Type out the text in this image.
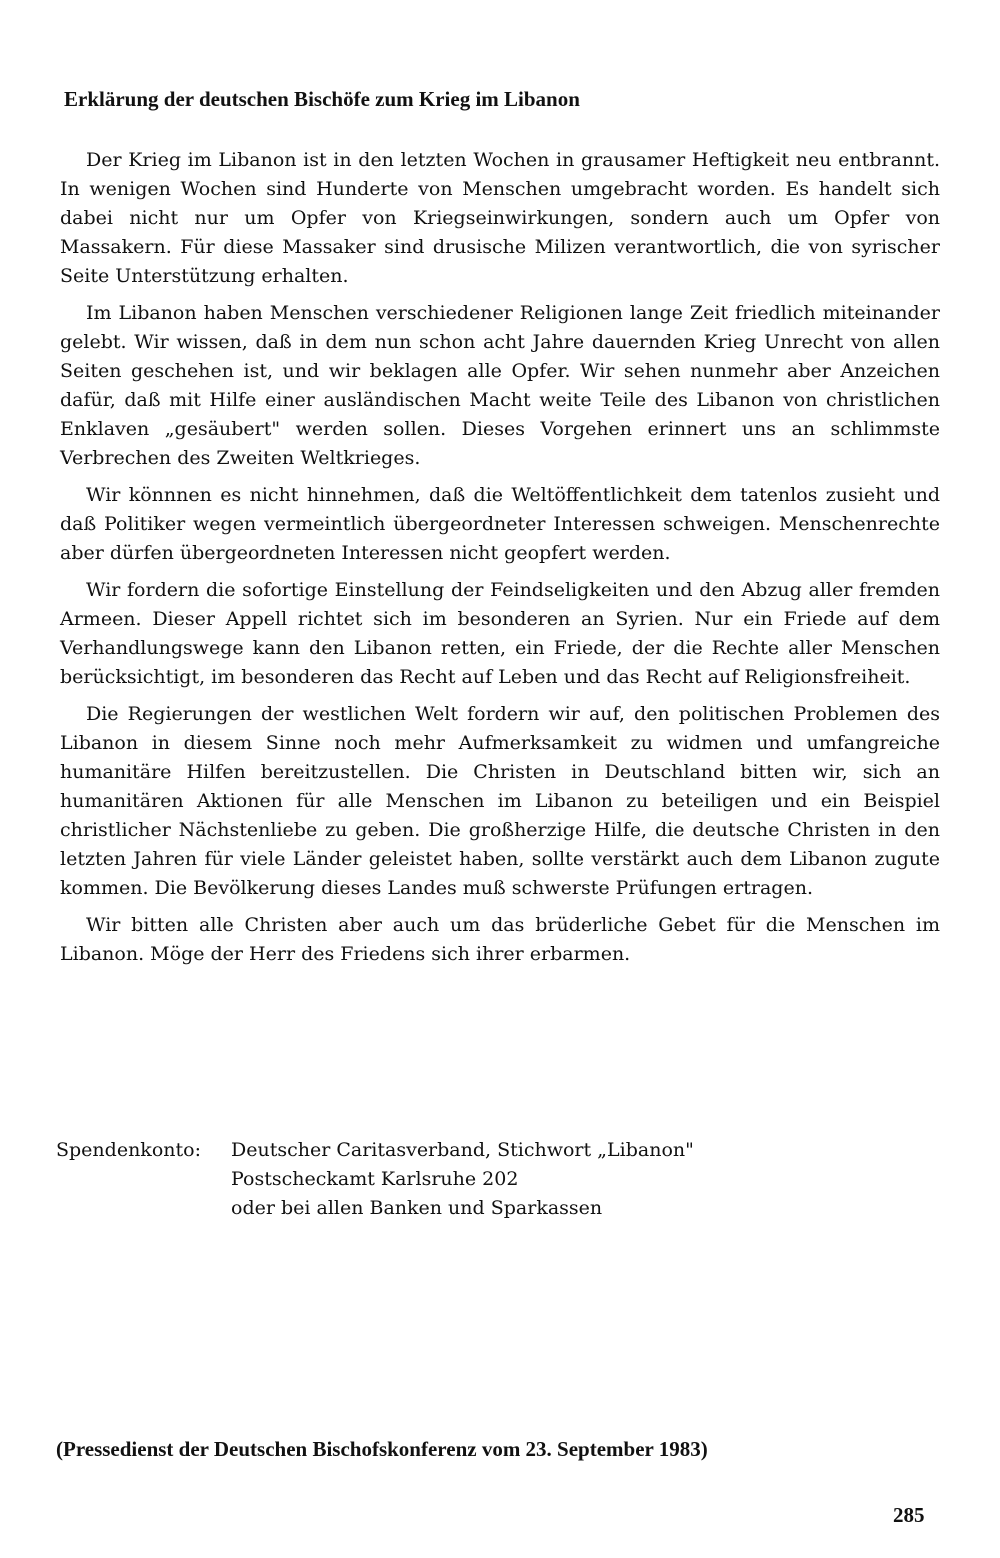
Erklärung der deutschen Bischöfe zum Krieg im Libanon

Der Krieg im Libanon ist in den letzten Wochen in grausamer Heftigkeit neu entbrannt. In wenigen Wochen sind Hunderte von Menschen umgebracht worden. Es handelt sich dabei nicht nur um Opfer von Kriegseinwirkungen, sondern auch um Opfer von Massakern. Für diese Massaker sind drusische Milizen verantwortlich, die von syrischer Seite Unterstützung erhalten.

Im Libanon haben Menschen verschiedener Religionen lange Zeit friedlich miteinander gelebt. Wir wissen, daß in dem nun schon acht Jahre dauernden Krieg Unrecht von allen Seiten geschehen ist, und wir beklagen alle Opfer. Wir sehen nunmehr aber Anzeichen dafür, daß mit Hilfe einer ausländischen Macht weite Teile des Libanon von christlichen Enklaven „gesäubert" werden sollen. Dieses Vorgehen erinnert uns an schlimmste Verbrechen des Zweiten Weltkrieges.

Wir könnnen es nicht hinnehmen, daß die Weltöffentlichkeit dem tatenlos zusieht und daß Politiker wegen vermeintlich übergeordneter Interessen schweigen. Menschenrechte aber dürfen übergeordneten Interessen nicht geopfert werden.

Wir fordern die sofortige Einstellung der Feindseligkeiten und den Abzug aller fremden Armeen. Dieser Appell richtet sich im besonderen an Syrien. Nur ein Friede auf dem Verhandlungswege kann den Libanon retten, ein Friede, der die Rechte aller Menschen berücksichtigt, im besonderen das Recht auf Leben und das Recht auf Religionsfreiheit.

Die Regierungen der westlichen Welt fordern wir auf, den politischen Problemen des Libanon in diesem Sinne noch mehr Aufmerksamkeit zu widmen und umfangreiche humanitäre Hilfen bereitzustellen. Die Christen in Deutschland bitten wir, sich an humanitären Aktionen für alle Menschen im Libanon zu beteiligen und ein Beispiel christlicher Nächstenliebe zu geben. Die großherzige Hilfe, die deutsche Christen in den letzten Jahren für viele Länder geleistet haben, sollte verstärkt auch dem Libanon zugute kommen. Die Bevölkerung dieses Landes muß schwerste Prüfungen ertragen.

Wir bitten alle Christen aber auch um das brüderliche Gebet für die Menschen im Libanon. Möge der Herr des Friedens sich ihrer erbarmen.

Spendenkonto:	Deutscher Caritasverband, Stichwort „Libanon"
Postscheckamt Karlsruhe 202
oder bei allen Banken und Sparkassen
(Pressedienst der Deutschen Bischofskonferenz vom 23. September 1983)
285
